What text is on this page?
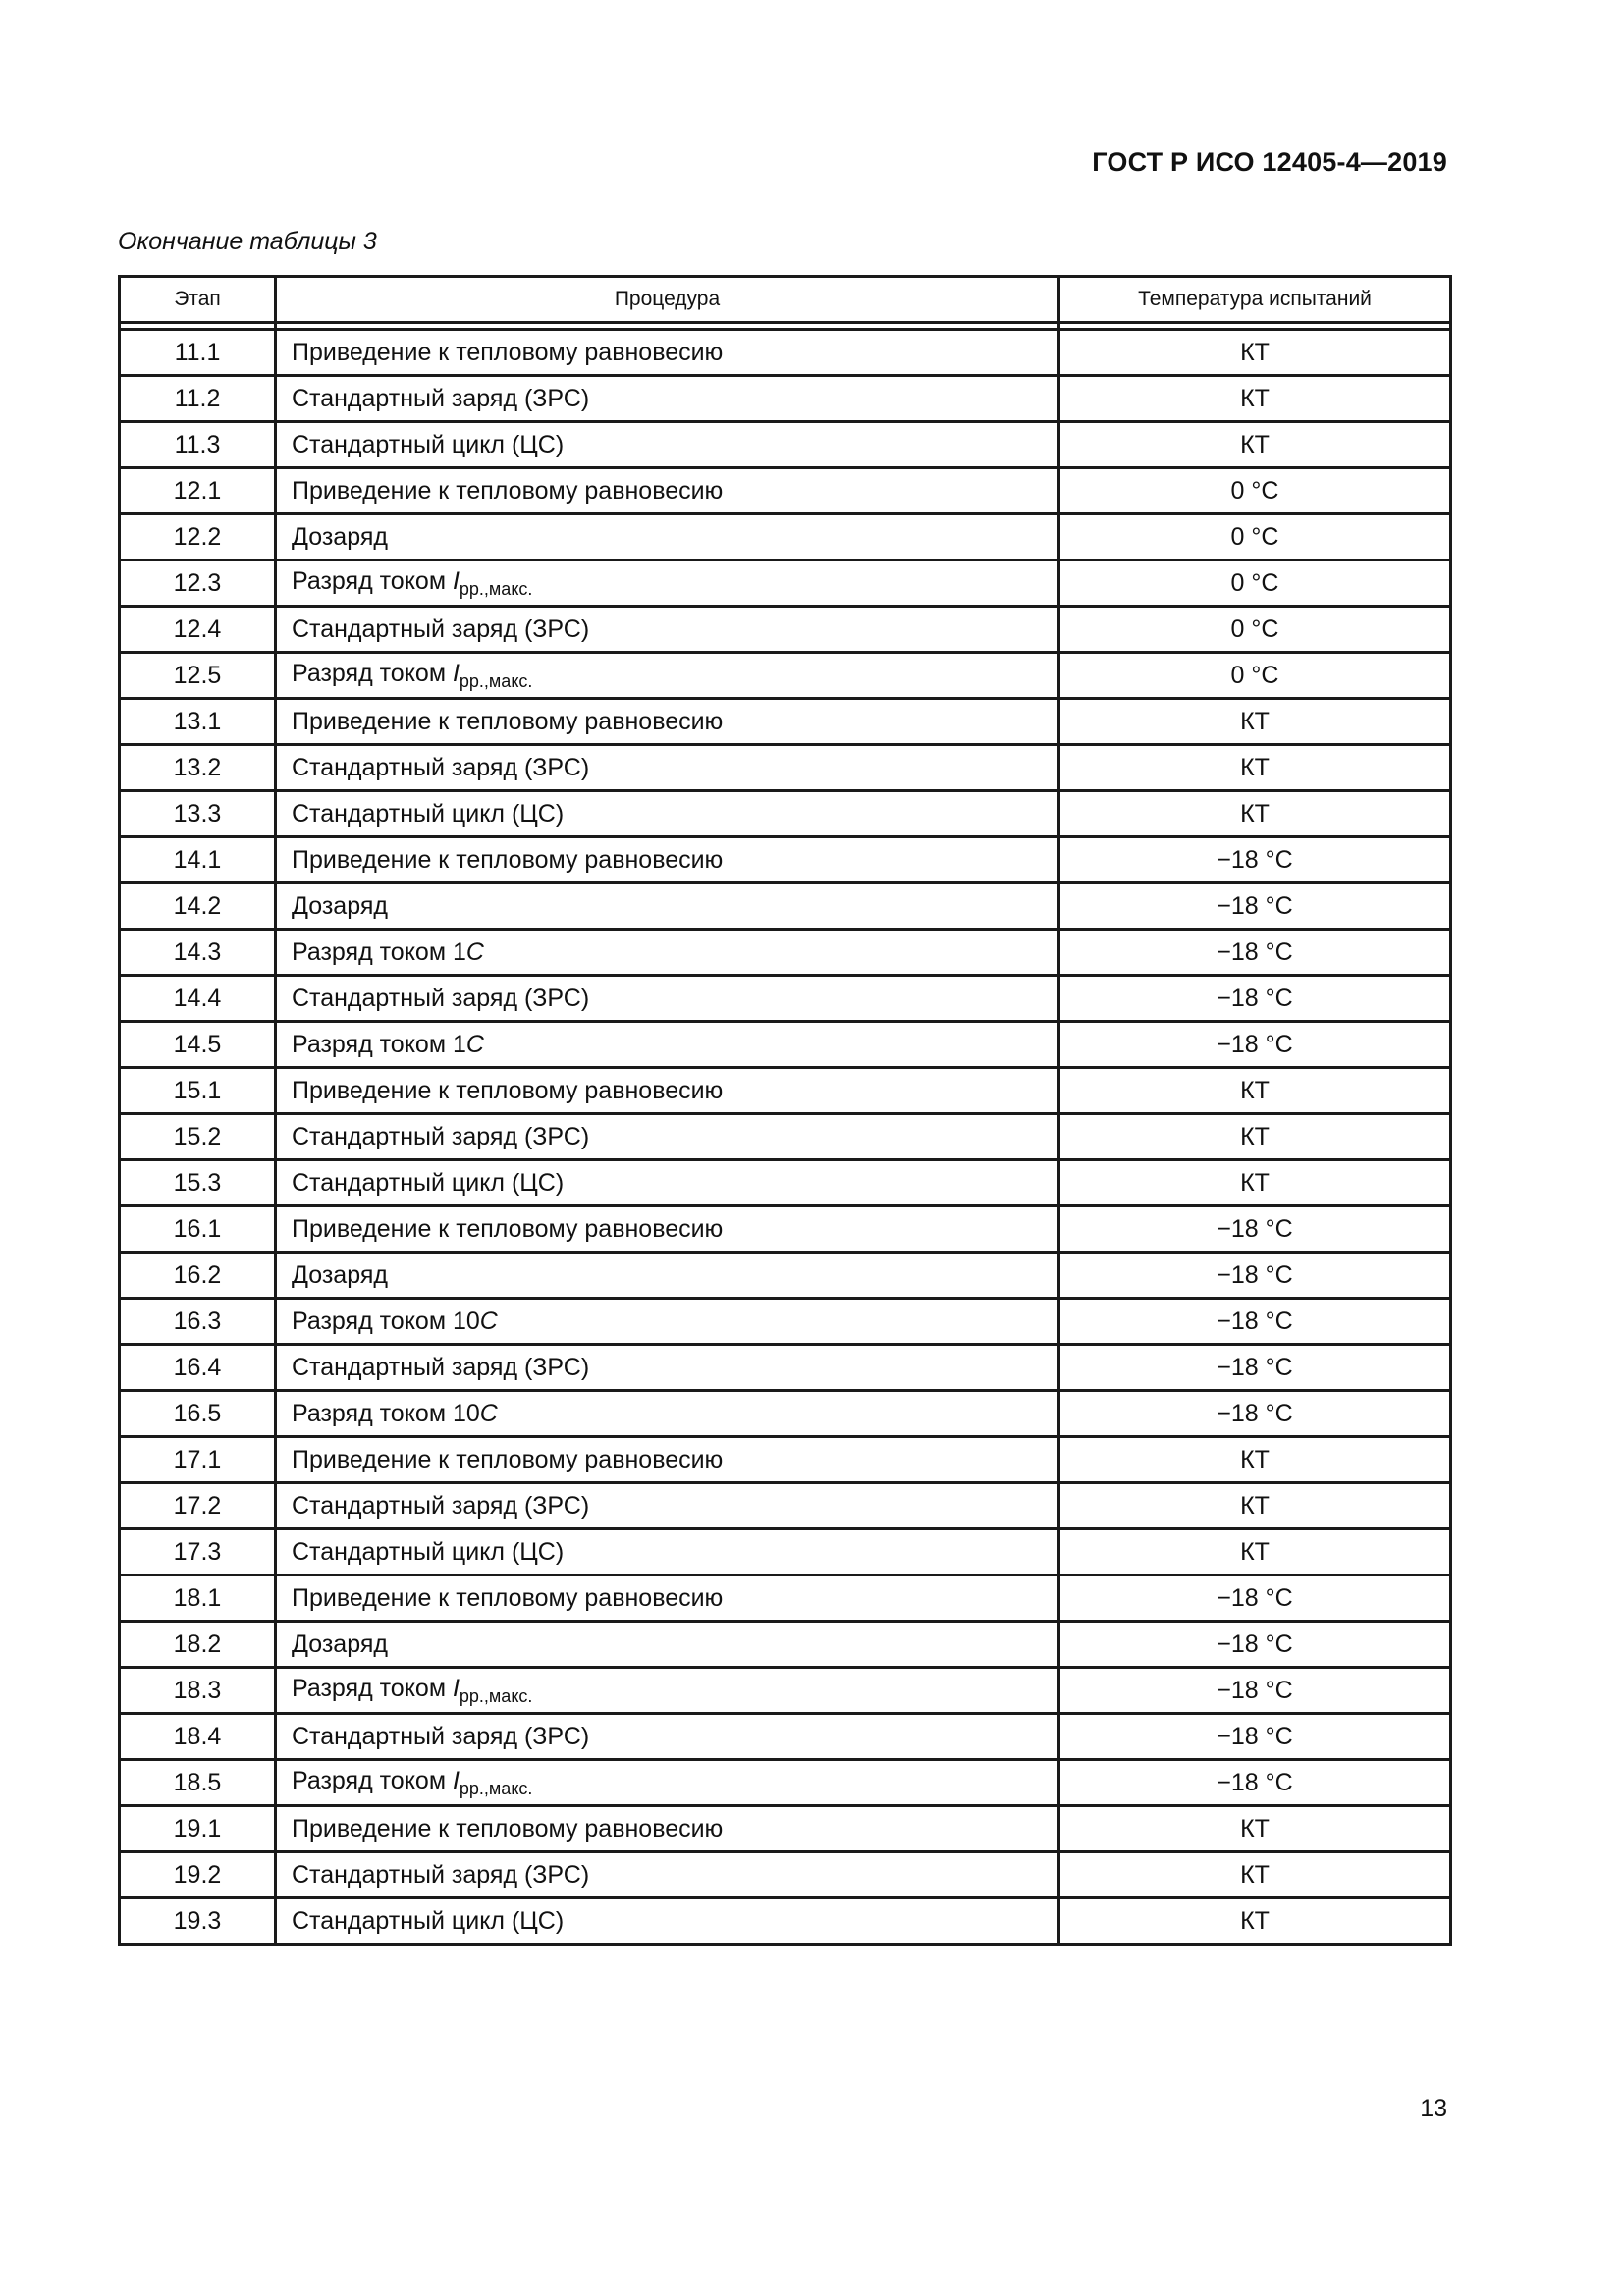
ГОСТ Р ИСО 12405-4—2019
Окончание таблицы 3
Этап	Процедура	Температура испытаний

11.1	Приведение к тепловому равновесию	КТ
11.2	Стандартный заряд (ЗРС)	КТ
11.3	Стандартный цикл (ЦС)	КТ
12.1	Приведение к тепловому равновесию	0 °C
12.2	Дозаряд	0 °C
12.3	Разряд током $I_{рр.,макс.}$	0 °C
12.4	Стандартный заряд (ЗРС)	0 °C
12.5	Разряд током $I_{рр.,макс.}$	0 °C
13.1	Приведение к тепловому равновесию	КТ
13.2	Стандартный заряд (ЗРС)	КТ
13.3	Стандартный цикл (ЦС)	КТ
14.1	Приведение к тепловому равновесию	−18 °C
14.2	Дозаряд	−18 °C
14.3	Разряд током 1C	−18 °C
14.4	Стандартный заряд (ЗРС)	−18 °C
14.5	Разряд током 1C	−18 °C
15.1	Приведение к тепловому равновесию	КТ
15.2	Стандартный заряд (ЗРС)	КТ
15.3	Стандартный цикл (ЦС)	КТ
16.1	Приведение к тепловому равновесию	−18 °C
16.2	Дозаряд	−18 °C
16.3	Разряд током 10C	−18 °C
16.4	Стандартный заряд (ЗРС)	−18 °C
16.5	Разряд током 10C	−18 °C
17.1	Приведение к тепловому равновесию	КТ
17.2	Стандартный заряд (ЗРС)	КТ
17.3	Стандартный цикл (ЦС)	КТ
18.1	Приведение к тепловому равновесию	−18 °C
18.2	Дозаряд	−18 °C
18.3	Разряд током $I_{рр.,макс.}$	−18 °C
18.4	Стандартный заряд (ЗРС)	−18 °C
18.5	Разряд током $I_{рр.,макс.}$	−18 °C
19.1	Приведение к тепловому равновесию	КТ
19.2	Стандартный заряд (ЗРС)	КТ
19.3	Стандартный цикл (ЦС)	КТ
13
